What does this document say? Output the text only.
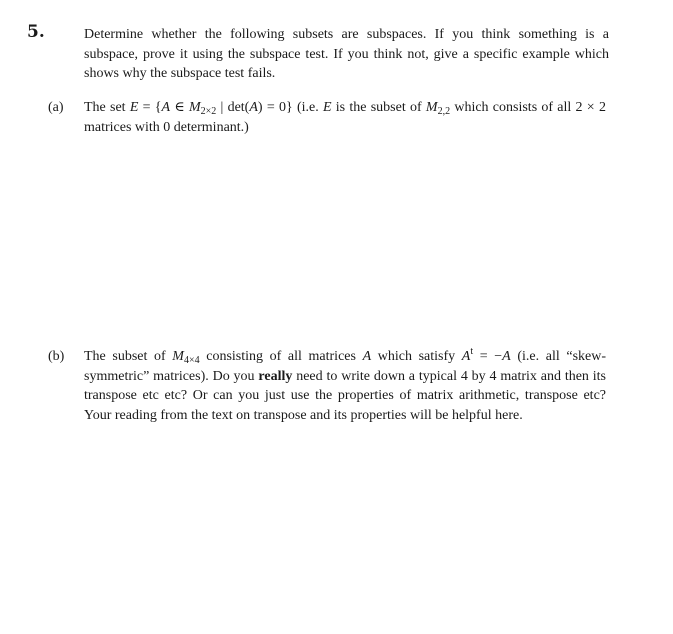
5.	Determine whether the following subsets are subspaces. If you think something is a subspace, prove it using the subspace test. If you think not, give a specific example which shows why the subspace test fails.
(a) The set E = {A ∈ $M_{2\times 2}$ | det(A) = 0} (i.e. E is the subset of $M_{2,2}$ which consists of all 2 × 2 matrices with 0 determinant.)
(b) The subset of $M_{4\times 4}$ consisting of all matrices A which satisfy $A^t = -A$ (i.e. all “skew-symmetric” matrices). Do you really need to write down a typical 4 by 4 matrix and then its transpose etc etc? Or can you just use the properties of matrix arithmetic, transpose etc? Your reading from the text on transpose and its properties will be helpful here.
